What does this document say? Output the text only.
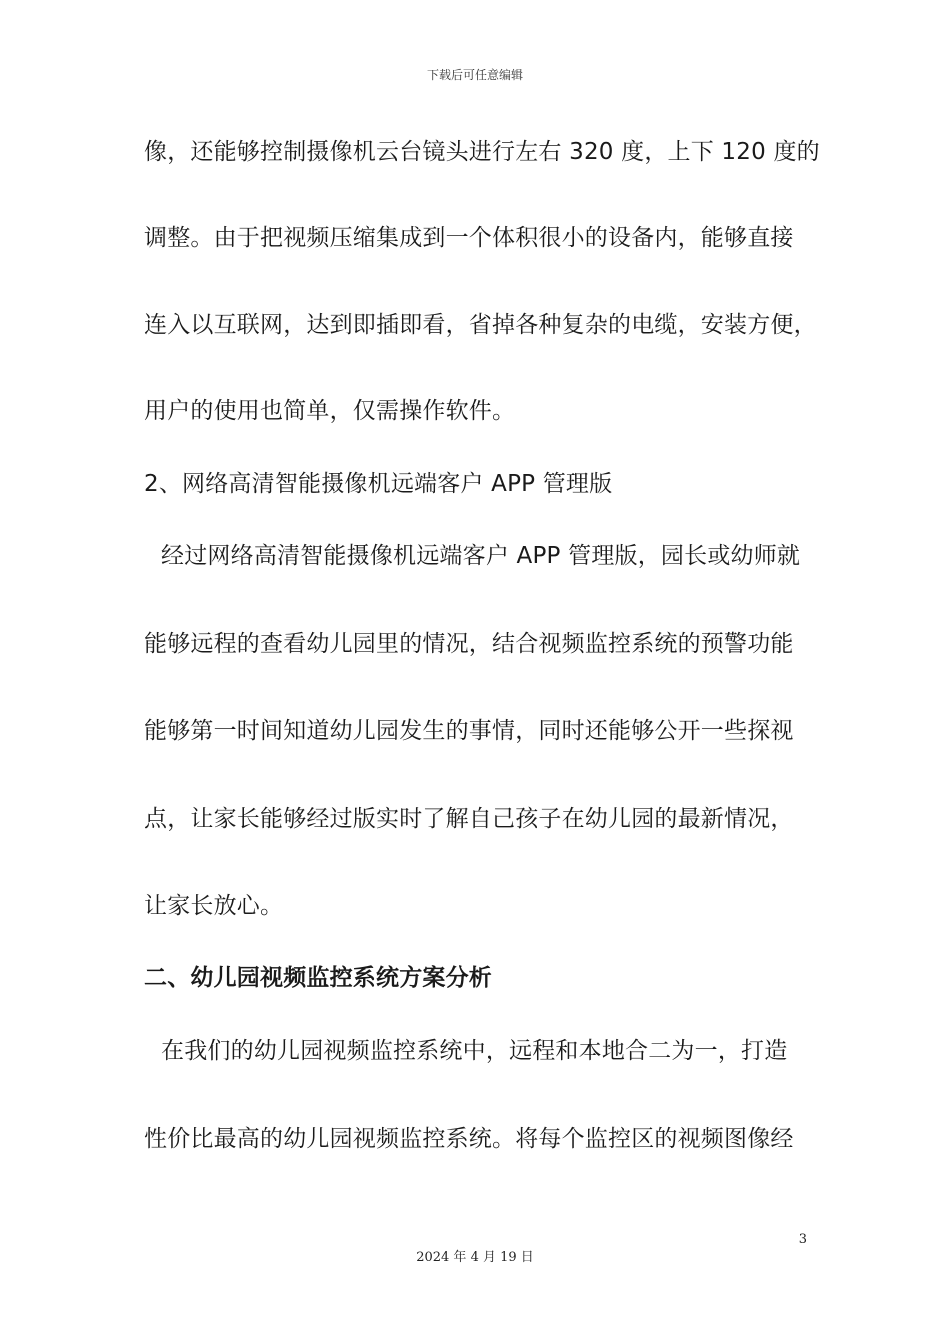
下载后可任意编辑
像，还能够控制摄像机云台镜头进行左右 320 度，上下 120 度的
调整。由于把视频压缩集成到一个体积很小的设备内，能够直接
连入以互联网，达到即插即看，省掉各种复杂的电缆，安装方便，
用户的使用也简单，仅需操作软件。
2、网络高清智能摄像机远端客户 APP 管理版
经过网络高清智能摄像机远端客户 APP 管理版，园长或幼师就
能够远程的查看幼儿园里的情况，结合视频监控系统的预警功能
能够第一时间知道幼儿园发生的事情，同时还能够公开一些探视
点，让家长能够经过版实时了解自己孩子在幼儿园的最新情况，
让家长放心。
二、幼儿园视频监控系统方案分析
在我们的幼儿园视频监控系统中，远程和本地合二为一，打造
性价比最高的幼儿园视频监控系统。将每个监控区的视频图像经
3
2024 年 4 月 19 日
